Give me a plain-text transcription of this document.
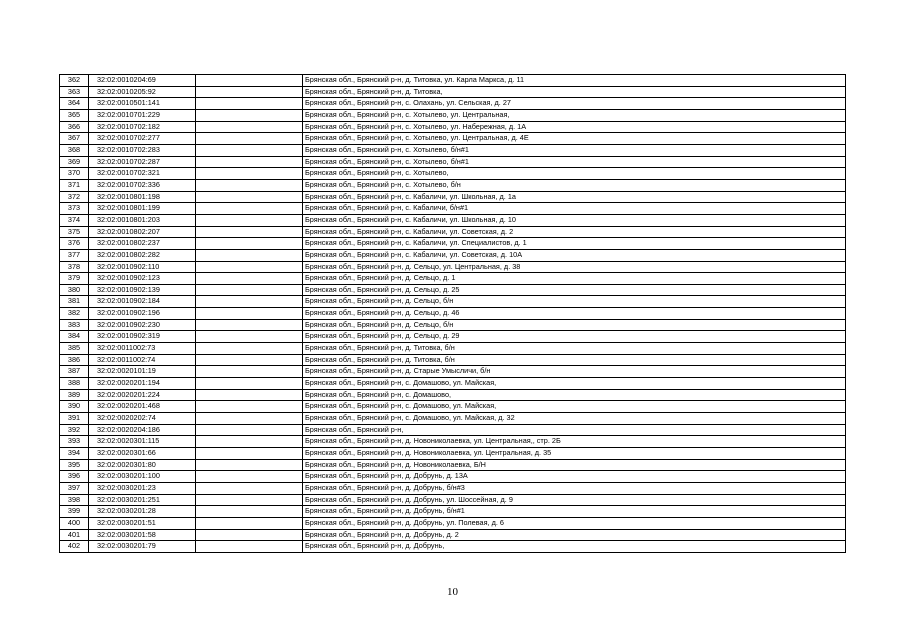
362	32:02:0010204:69		Брянская обл., Брянский р-н, д. Титовка, ул. Карла Маркса, д. 11
363	32:02:0010205:92		Брянская обл., Брянский р-н, д. Титовка,
364	32:02:0010501:141		Брянская обл., Брянский р-н, с. Олахань, ул. Сельская, д. 27
365	32:02:0010701:229		Брянская обл., Брянский р-н, с. Хотылево, ул. Центральная,
366	32:02:0010702:182		Брянская обл., Брянский р-н, с. Хотылево, ул. Набережная, д. 1А
367	32:02:0010702:277		Брянская обл., Брянский р-н, с. Хотылево, ул. Центральная, д. 4Е
368	32:02:0010702:283		Брянская обл., Брянский р-н, с. Хотылево, б/н#1
369	32:02:0010702:287		Брянская обл., Брянский р-н, с. Хотылево, б/н#1
370	32:02:0010702:321		Брянская обл., Брянский р-н, с. Хотылево,
371	32:02:0010702:336		Брянская обл., Брянский р-н, с. Хотылево, б/н
372	32:02:0010801:198		Брянская обл., Брянский р-н, с. Кабаличи, ул. Школьная, д. 1а
373	32:02:0010801:199		Брянская обл., Брянский р-н, с. Кабаличи, б/н#1
374	32:02:0010801:203		Брянская обл., Брянский р-н, с. Кабаличи, ул. Школьная, д. 10
375	32:02:0010802:207		Брянская обл., Брянский р-н, с. Кабаличи, ул. Советская, д. 2
376	32:02:0010802:237		Брянская обл., Брянский р-н, с. Кабаличи, ул. Специалистов, д. 1
377	32:02:0010802:282		Брянская обл., Брянский р-н, с. Кабаличи, ул. Советская, д. 10А
378	32:02:0010902:110		Брянская обл., Брянский р-н, д. Сельцо, ул. Центральная, д. 38
379	32:02:0010902:123		Брянская обл., Брянский р-н, д. Сельцо, д. 1
380	32:02:0010902:139		Брянская обл., Брянский р-н, д. Сельцо, д. 25
381	32:02:0010902:184		Брянская обл., Брянский р-н, д. Сельцо, б/н
382	32:02:0010902:196		Брянская обл., Брянский р-н, д. Сельцо, д. 46
383	32:02:0010902:230		Брянская обл., Брянский р-н, д. Сельцо, б/н
384	32:02:0010902:319		Брянская обл., Брянский р-н, д. Сельцо, д. 29
385	32:02:0011002:73		Брянская обл., Брянский р-н, д. Титовка, б/н
386	32:02:0011002:74		Брянская обл., Брянский р-н, д. Титовка, б/н
387	32:02:0020101:19		Брянская обл., Брянский р-н, д. Старые Умысличи, б/н
388	32:02:0020201:194		Брянская обл., Брянский р-н, с. Домашово, ул. Майская,
389	32:02:0020201:224		Брянская обл., Брянский р-н, с. Домашово,
390	32:02:0020201:468		Брянская обл., Брянский р-н, с. Домашово, ул. Майская,
391	32:02:0020202:74		Брянская обл., Брянский р-н, с. Домашово, ул. Майская, д. 32
392	32:02:0020204:186		Брянская обл., Брянский р-н,
393	32:02:0020301:115		Брянская обл., Брянский р-н, д. Новониколаевка, ул. Центральная,, стр. 2Б
394	32:02:0020301:66		Брянская обл., Брянский р-н, д. Новониколаевка, ул. Центральная, д. 35
395	32:02:0020301:80		Брянская обл., Брянский р-н, д. Новониколаевка, Б/Н
396	32:02:0030201:100		Брянская обл., Брянский р-н, д. Добрунь, д. 13А
397	32:02:0030201:23		Брянская обл., Брянский р-н, д. Добрунь, б/н#3
398	32:02:0030201:251		Брянская обл., Брянский р-н, д. Добрунь, ул. Шоссейная, д. 9
399	32:02:0030201:28		Брянская обл., Брянский р-н, д. Добрунь, б/н#1
400	32:02:0030201:51		Брянская обл., Брянский р-н, д. Добрунь, ул. Полевая, д. 6
401	32:02:0030201:58		Брянская обл., Брянский р-н, д. Добрунь, д. 2
402	32:02:0030201:79		Брянская обл., Брянский р-н, д. Добрунь,
10
